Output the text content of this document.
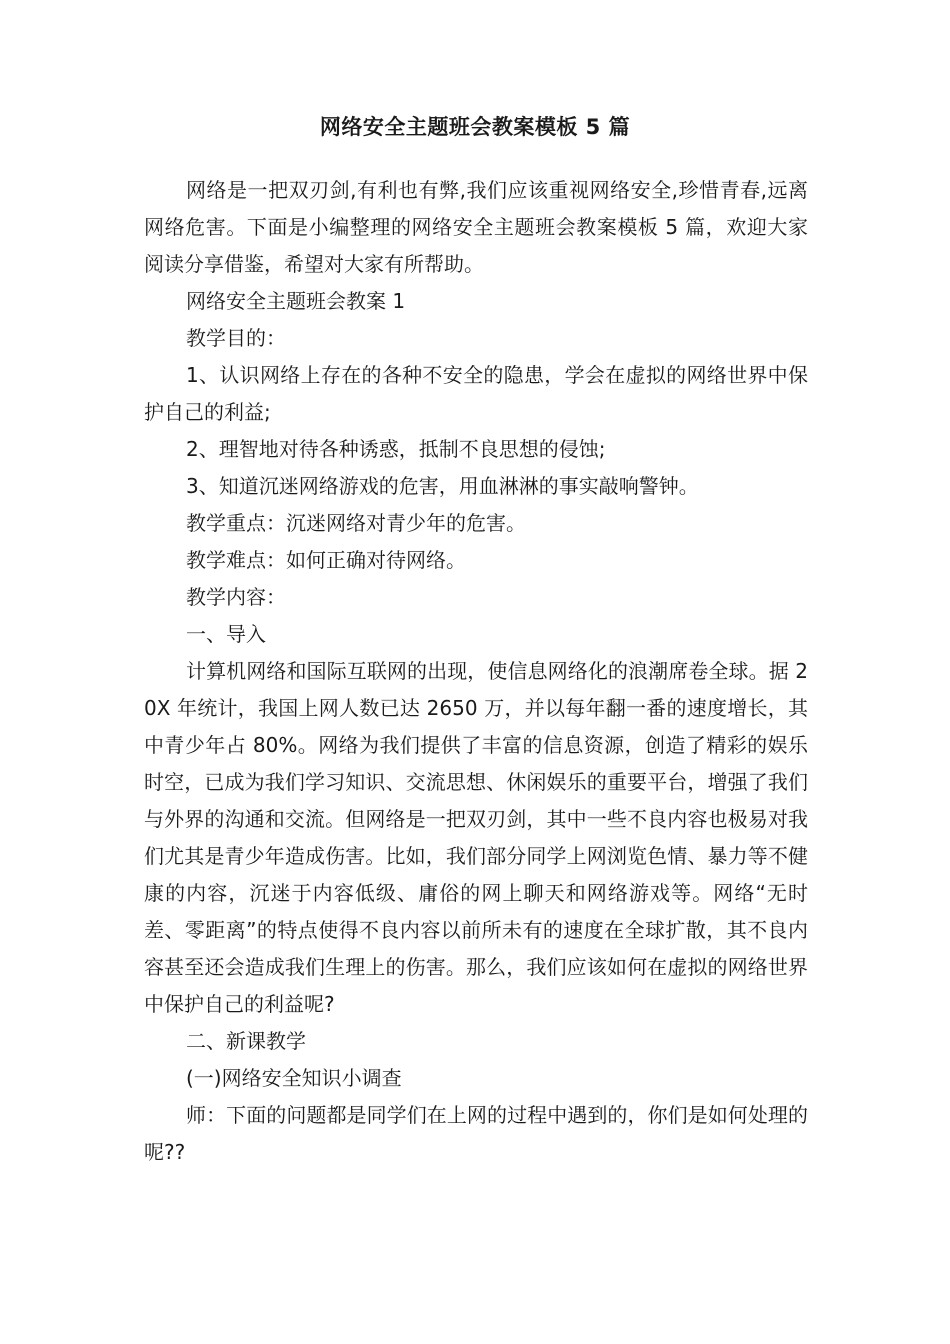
网络安全主题班会教案模板 5 篇

网络是一把双刃剑,有利也有弊,我们应该重视网络安全,珍惜青春,远离网络危害。下面是小编整理的网络安全主题班会教案模板 5 篇，欢迎大家阅读分享借鉴，希望对大家有所帮助。

网络安全主题班会教案 1

教学目的：

1、认识网络上存在的各种不安全的隐患，学会在虚拟的网络世界中保护自己的利益;

2、理智地对待各种诱惑，抵制不良思想的侵蚀;

3、知道沉迷网络游戏的危害，用血淋淋的事实敲响警钟。

教学重点：沉迷网络对青少年的危害。

教学难点：如何正确对待网络。

教学内容：

一、导入

计算机网络和国际互联网的出现，使信息网络化的浪潮席卷全球。据 20X 年统计，我国上网人数已达 2650 万，并以每年翻一番的速度增长，其中青少年占 80%。网络为我们提供了丰富的信息资源，创造了精彩的娱乐时空，已成为我们学习知识、交流思想、休闲娱乐的重要平台，增强了我们与外界的沟通和交流。但网络是一把双刃剑，其中一些不良内容也极易对我们尤其是青少年造成伤害。比如，我们部分同学上网浏览色情、暴力等不健康的内容，沉迷于内容低级、庸俗的网上聊天和网络游戏等。网络“无时差、零距离”的特点使得不良内容以前所未有的速度在全球扩散，其不良内容甚至还会造成我们生理上的伤害。那么，我们应该如何在虚拟的网络世界中保护自己的利益呢?

二、新课教学

(一)网络安全知识小调查

师：下面的问题都是同学们在上网的过程中遇到的，你们是如何处理的呢??
